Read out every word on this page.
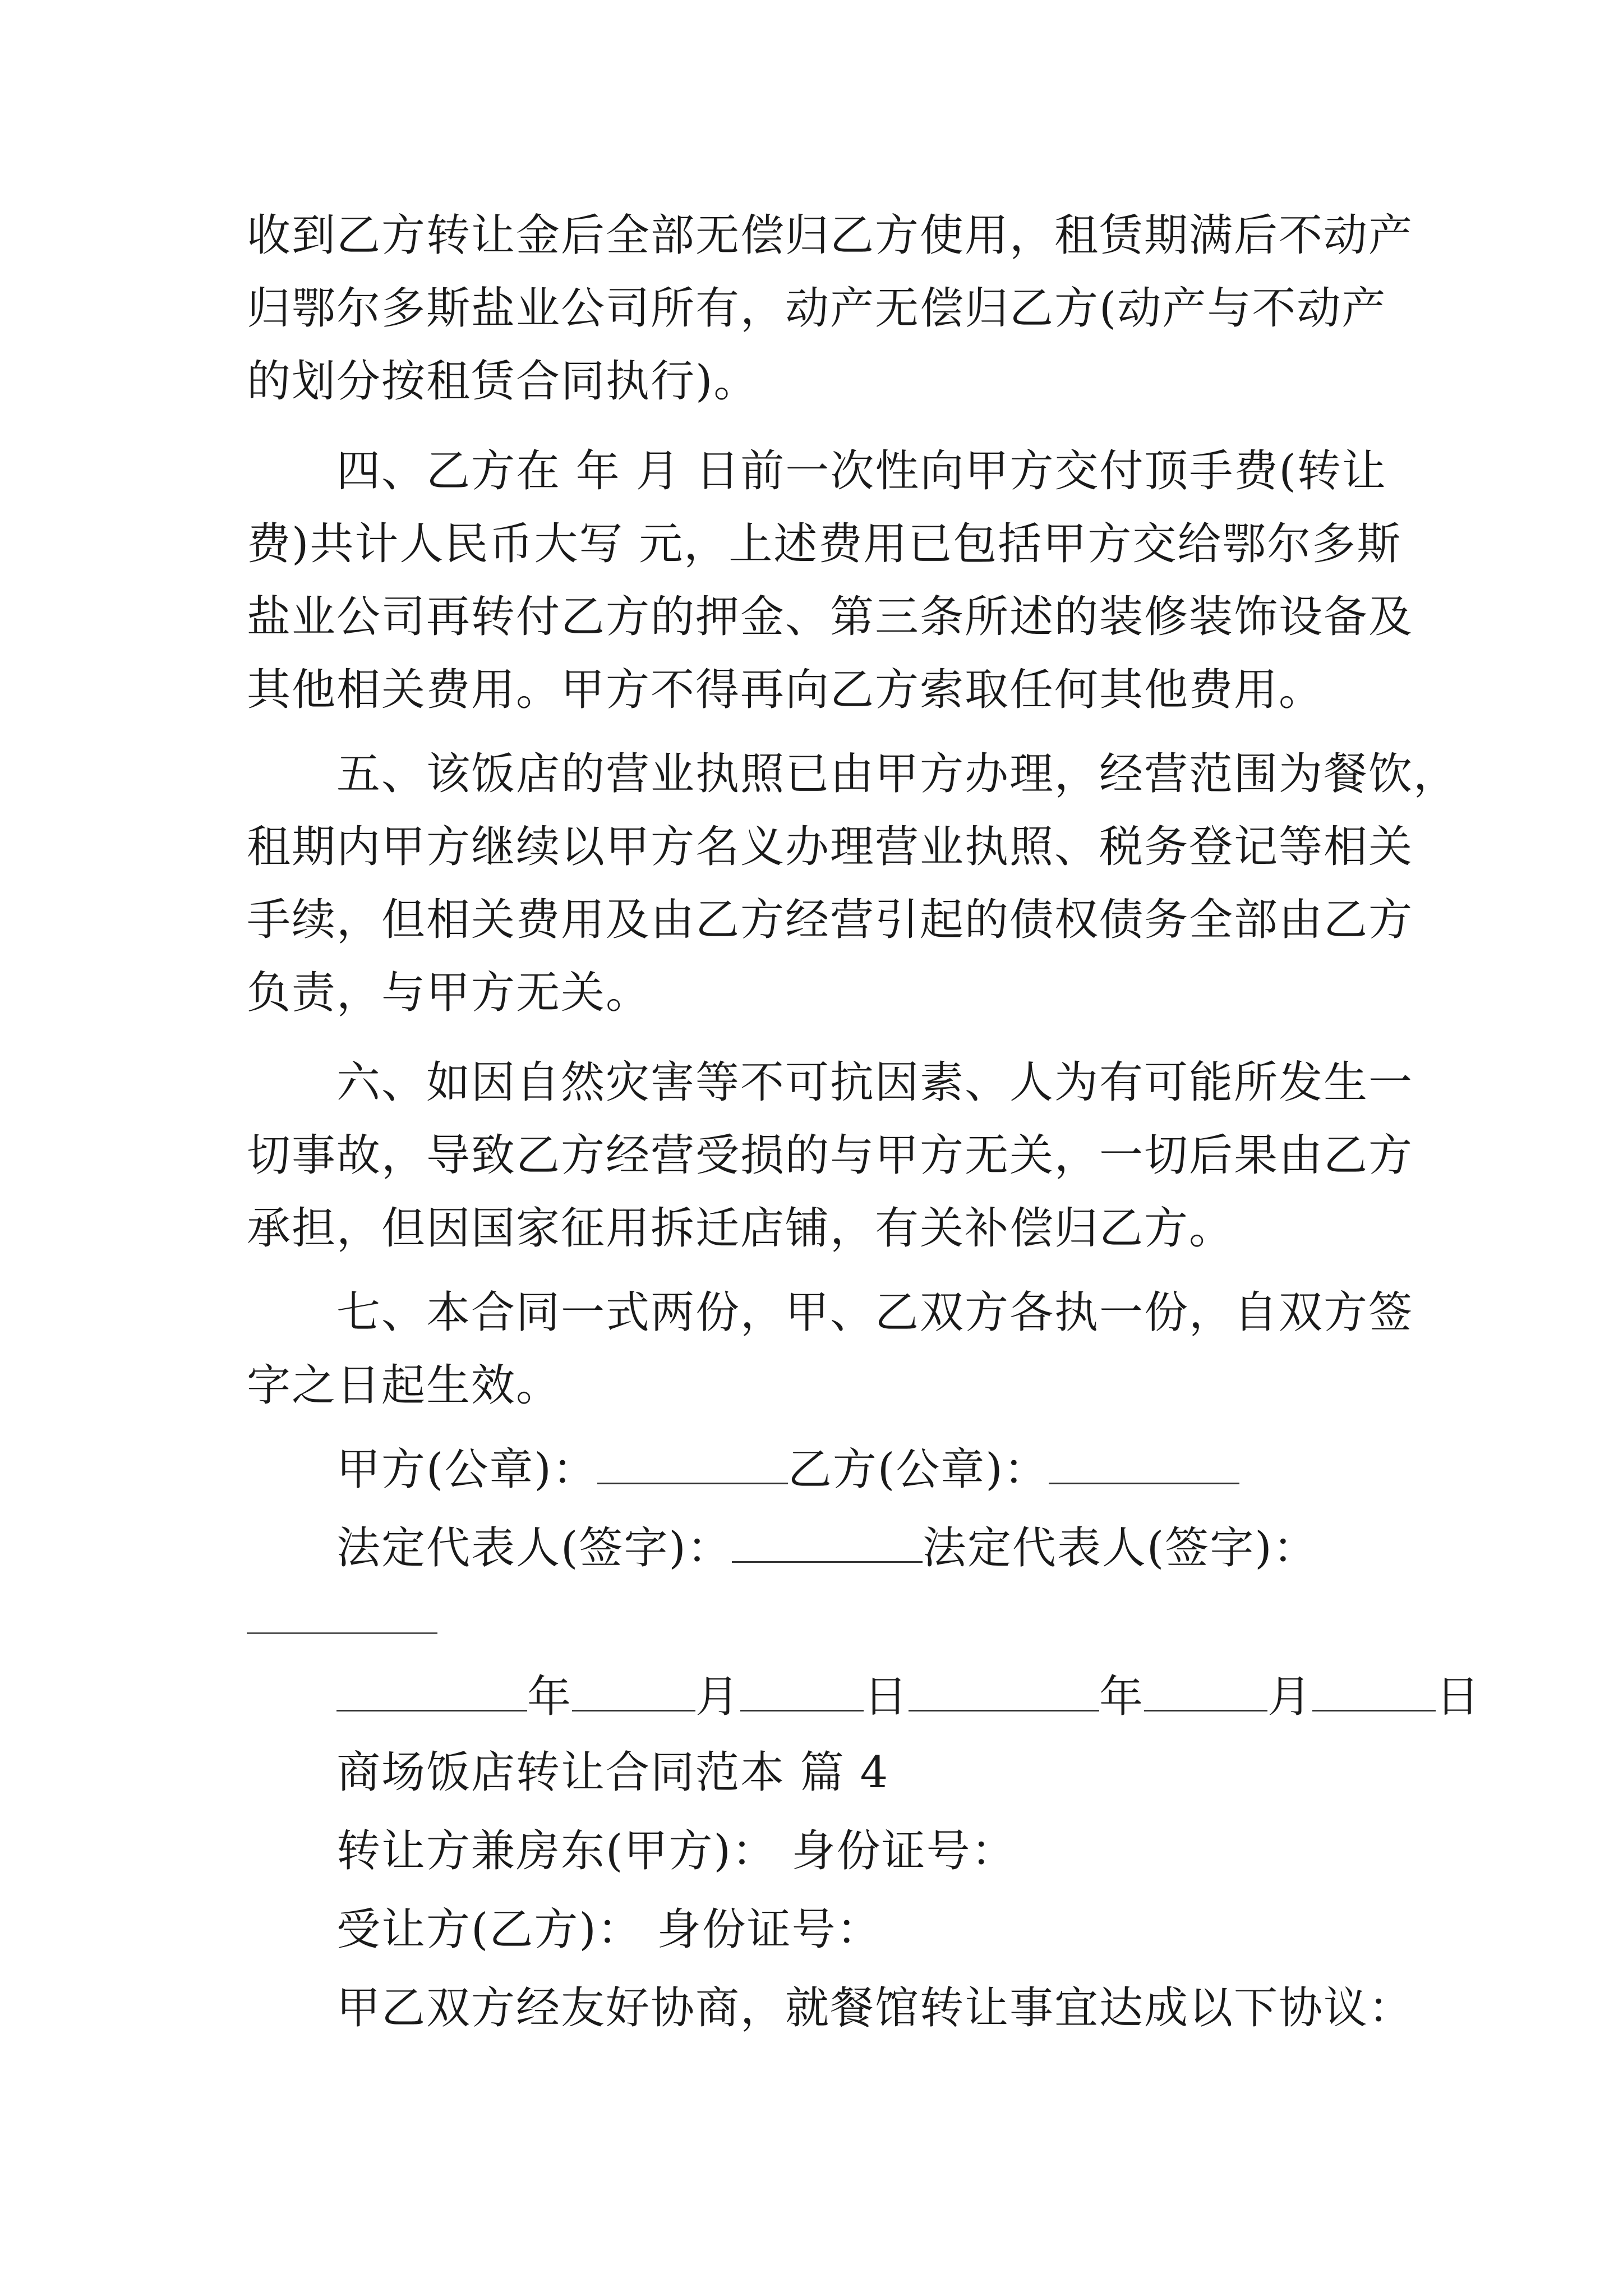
收到乙方转让金后全部无偿归乙方使用，租赁期满后不动产
归鄂尔多斯盐业公司所有，动产无偿归乙方(动产与不动产
的划分按租赁合同执行)。
四、乙方在 年 月 日前一次性向甲方交付顶手费(转让
费)共计人民币大写 元，上述费用已包括甲方交给鄂尔多斯
盐业公司再转付乙方的押金、第三条所述的装修装饰设备及
其他相关费用。甲方不得再向乙方索取任何其他费用。
五、该饭店的营业执照已由甲方办理，经营范围为餐饮，
租期内甲方继续以甲方名义办理营业执照、税务登记等相关
手续，但相关费用及由乙方经营引起的债权债务全部由乙方
负责，与甲方无关。
六、如因自然灾害等不可抗因素、人为有可能所发生一
切事故，导致乙方经营受损的与甲方无关，一切后果由乙方
承担，但因国家征用拆迁店铺，有关补偿归乙方。
七、本合同一式两份，甲、乙双方各执一份，自双方签
字之日起生效。
甲方(公章)：	乙方(公章)：
法定代表人(签字)：	法定代表人(签字)：
年	月	日	年	月	日
商场饭店转让合同范本 篇 4
转让方兼房东(甲方)： 身份证号：
受让方(乙方)： 身份证号：
甲乙双方经友好协商，就餐馆转让事宜达成以下协议：
